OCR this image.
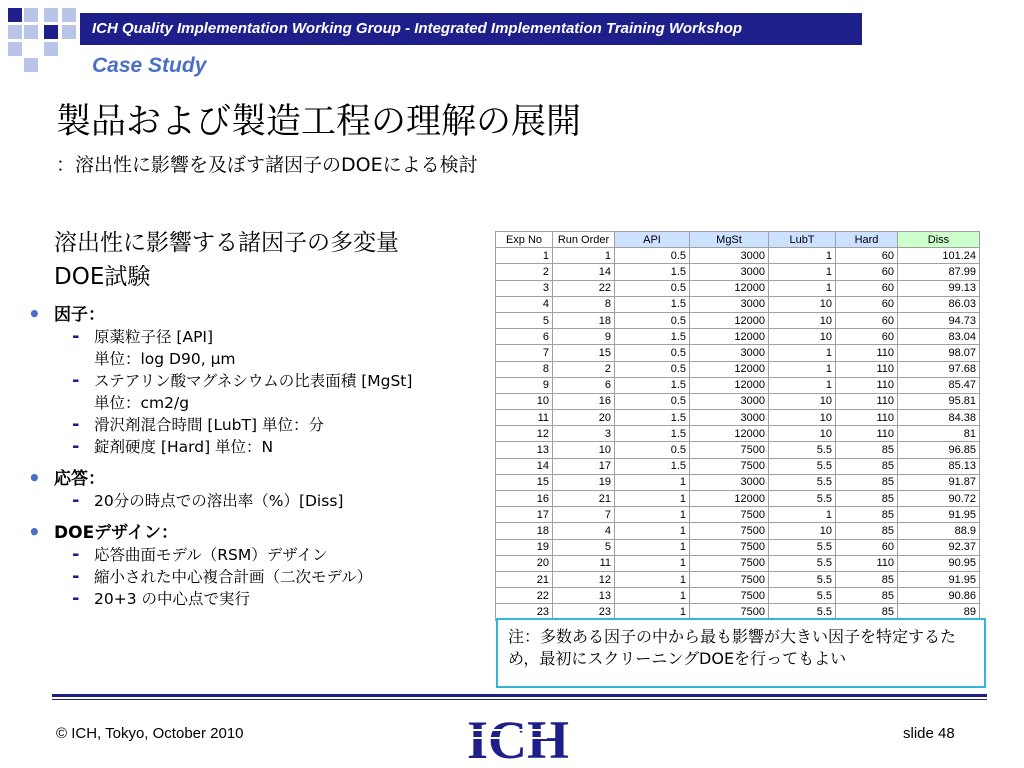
ICH Quality Implementation Working Group - Integrated Implementation Training Workshop
Case Study
製品および製造工程の理解の展開
：溶出性に影響を及ぼす諸因子のDOEによる検討
溶出性に影響する諸因子の多変量
DOE試験
• 因子：
- 原薬粒子径 [API]
単位：log D90, μm
- ステアリン酸マグネシウムの比表面積 [MgSt]
単位：cm2/g
- 滑沢剤混合時間 [LubT] 単位：分
- 錠剤硬度 [Hard] 単位：N
• 応答：
- 20分の時点での溶出率（%）[Diss]
• DOEデザイン：
- 応答曲面モデル（RSM）デザイン
- 縮小された中心複合計画（二次モデル）
- 20+3 の中心点で実行
Exp No	Run Order	API	MgSt	LubT	Hard	Diss
1	1	0.5	3000	1	60	101.24
2	14	1.5	3000	1	60	87.99
3	22	0.5	12000	1	60	99.13
4	8	1.5	3000	10	60	86.03
5	18	0.5	12000	10	60	94.73
6	9	1.5	12000	10	60	83.04
7	15	0.5	3000	1	110	98.07
8	2	0.5	12000	1	110	97.68
9	6	1.5	12000	1	110	85.47
10	16	0.5	3000	10	110	95.81
11	20	1.5	3000	10	110	84.38
12	3	1.5	12000	10	110	81
13	10	0.5	7500	5.5	85	96.85
14	17	1.5	7500	5.5	85	85.13
15	19	1	3000	5.5	85	91.87
16	21	1	12000	5.5	85	90.72
17	7	1	7500	1	85	91.95
18	4	1	7500	10	85	88.9
19	5	1	7500	5.5	60	92.37
20	11	1	7500	5.5	110	90.95
21	12	1	7500	5.5	85	91.95
22	13	1	7500	5.5	85	90.86
23	23	1	7500	5.5	85	89
注：多数ある因子の中から最も影響が大きい因子を特定するため，最初にスクリーニングDOEを行ってもよい
© ICH, Tokyo, October 2010	slide 48
ICH
